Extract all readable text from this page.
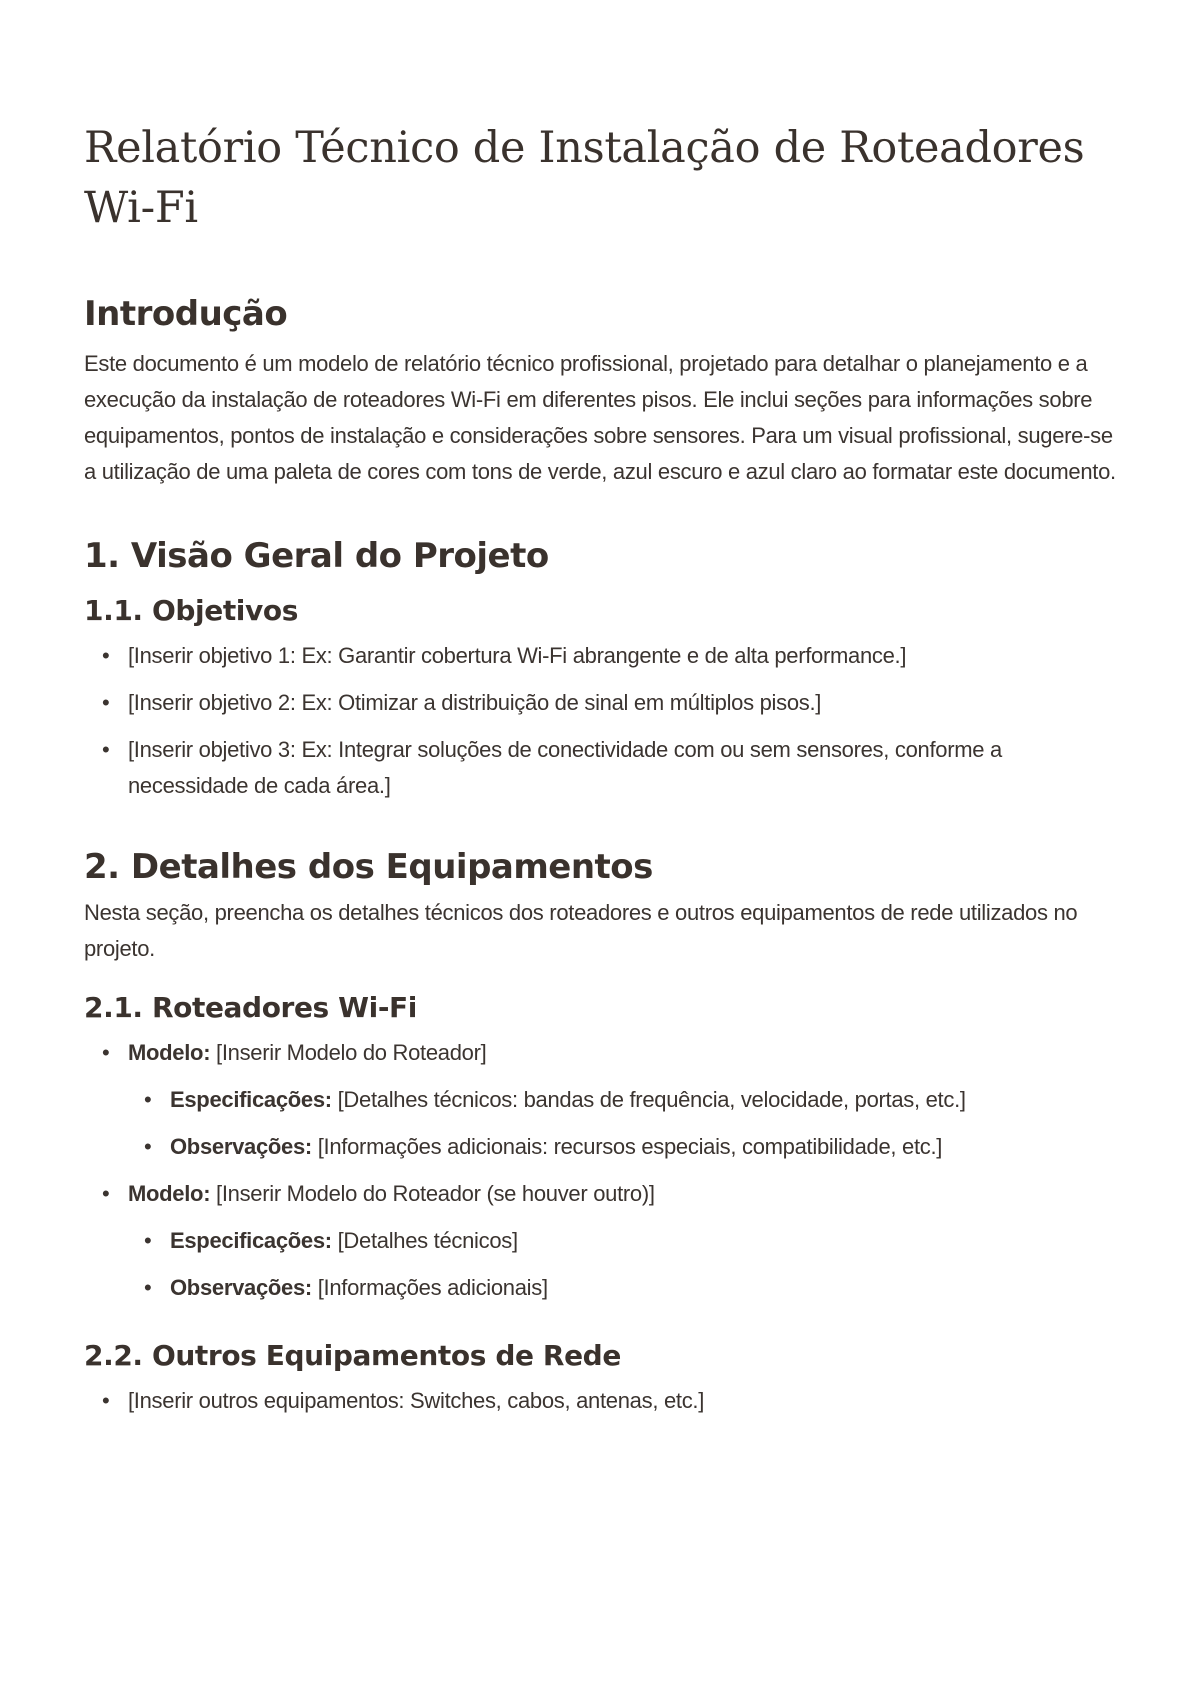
Relatório Técnico de Instalação de Roteadores Wi-Fi
Introdução

Este documento é um modelo de relatório técnico profissional, projetado para detalhar o planejamento e a execução da instalação de roteadores Wi-Fi em diferentes pisos. Ele inclui seções para informações sobre equipamentos, pontos de instalação e considerações sobre sensores. Para um visual profissional, sugere-se a utilização de uma paleta de cores com tons de verde, azul escuro e azul claro ao formatar este documento.

1. Visão Geral do Projeto
1.1. Objetivos
• [Inserir objetivo 1: Ex: Garantir cobertura Wi-Fi abrangente e de alta performance.]
• [Inserir objetivo 2: Ex: Otimizar a distribuição de sinal em múltiplos pisos.]
• [Inserir objetivo 3: Ex: Integrar soluções de conectividade com ou sem sensores, conforme a necessidade de cada área.]
2. Detalhes dos Equipamentos

Nesta seção, preencha os detalhes técnicos dos roteadores e outros equipamentos de rede utilizados no projeto.

2.1. Roteadores Wi-Fi
• Modelo: [Inserir Modelo do Roteador]
• Especificações: [Detalhes técnicos: bandas de frequência, velocidade, portas, etc.]
• Observações: [Informações adicionais: recursos especiais, compatibilidade, etc.]
• Modelo: [Inserir Modelo do Roteador (se houver outro)]
• Especificações: [Detalhes técnicos]
• Observações: [Informações adicionais]
2.2. Outros Equipamentos de Rede
• [Inserir outros equipamentos: Switches, cabos, antenas, etc.]
